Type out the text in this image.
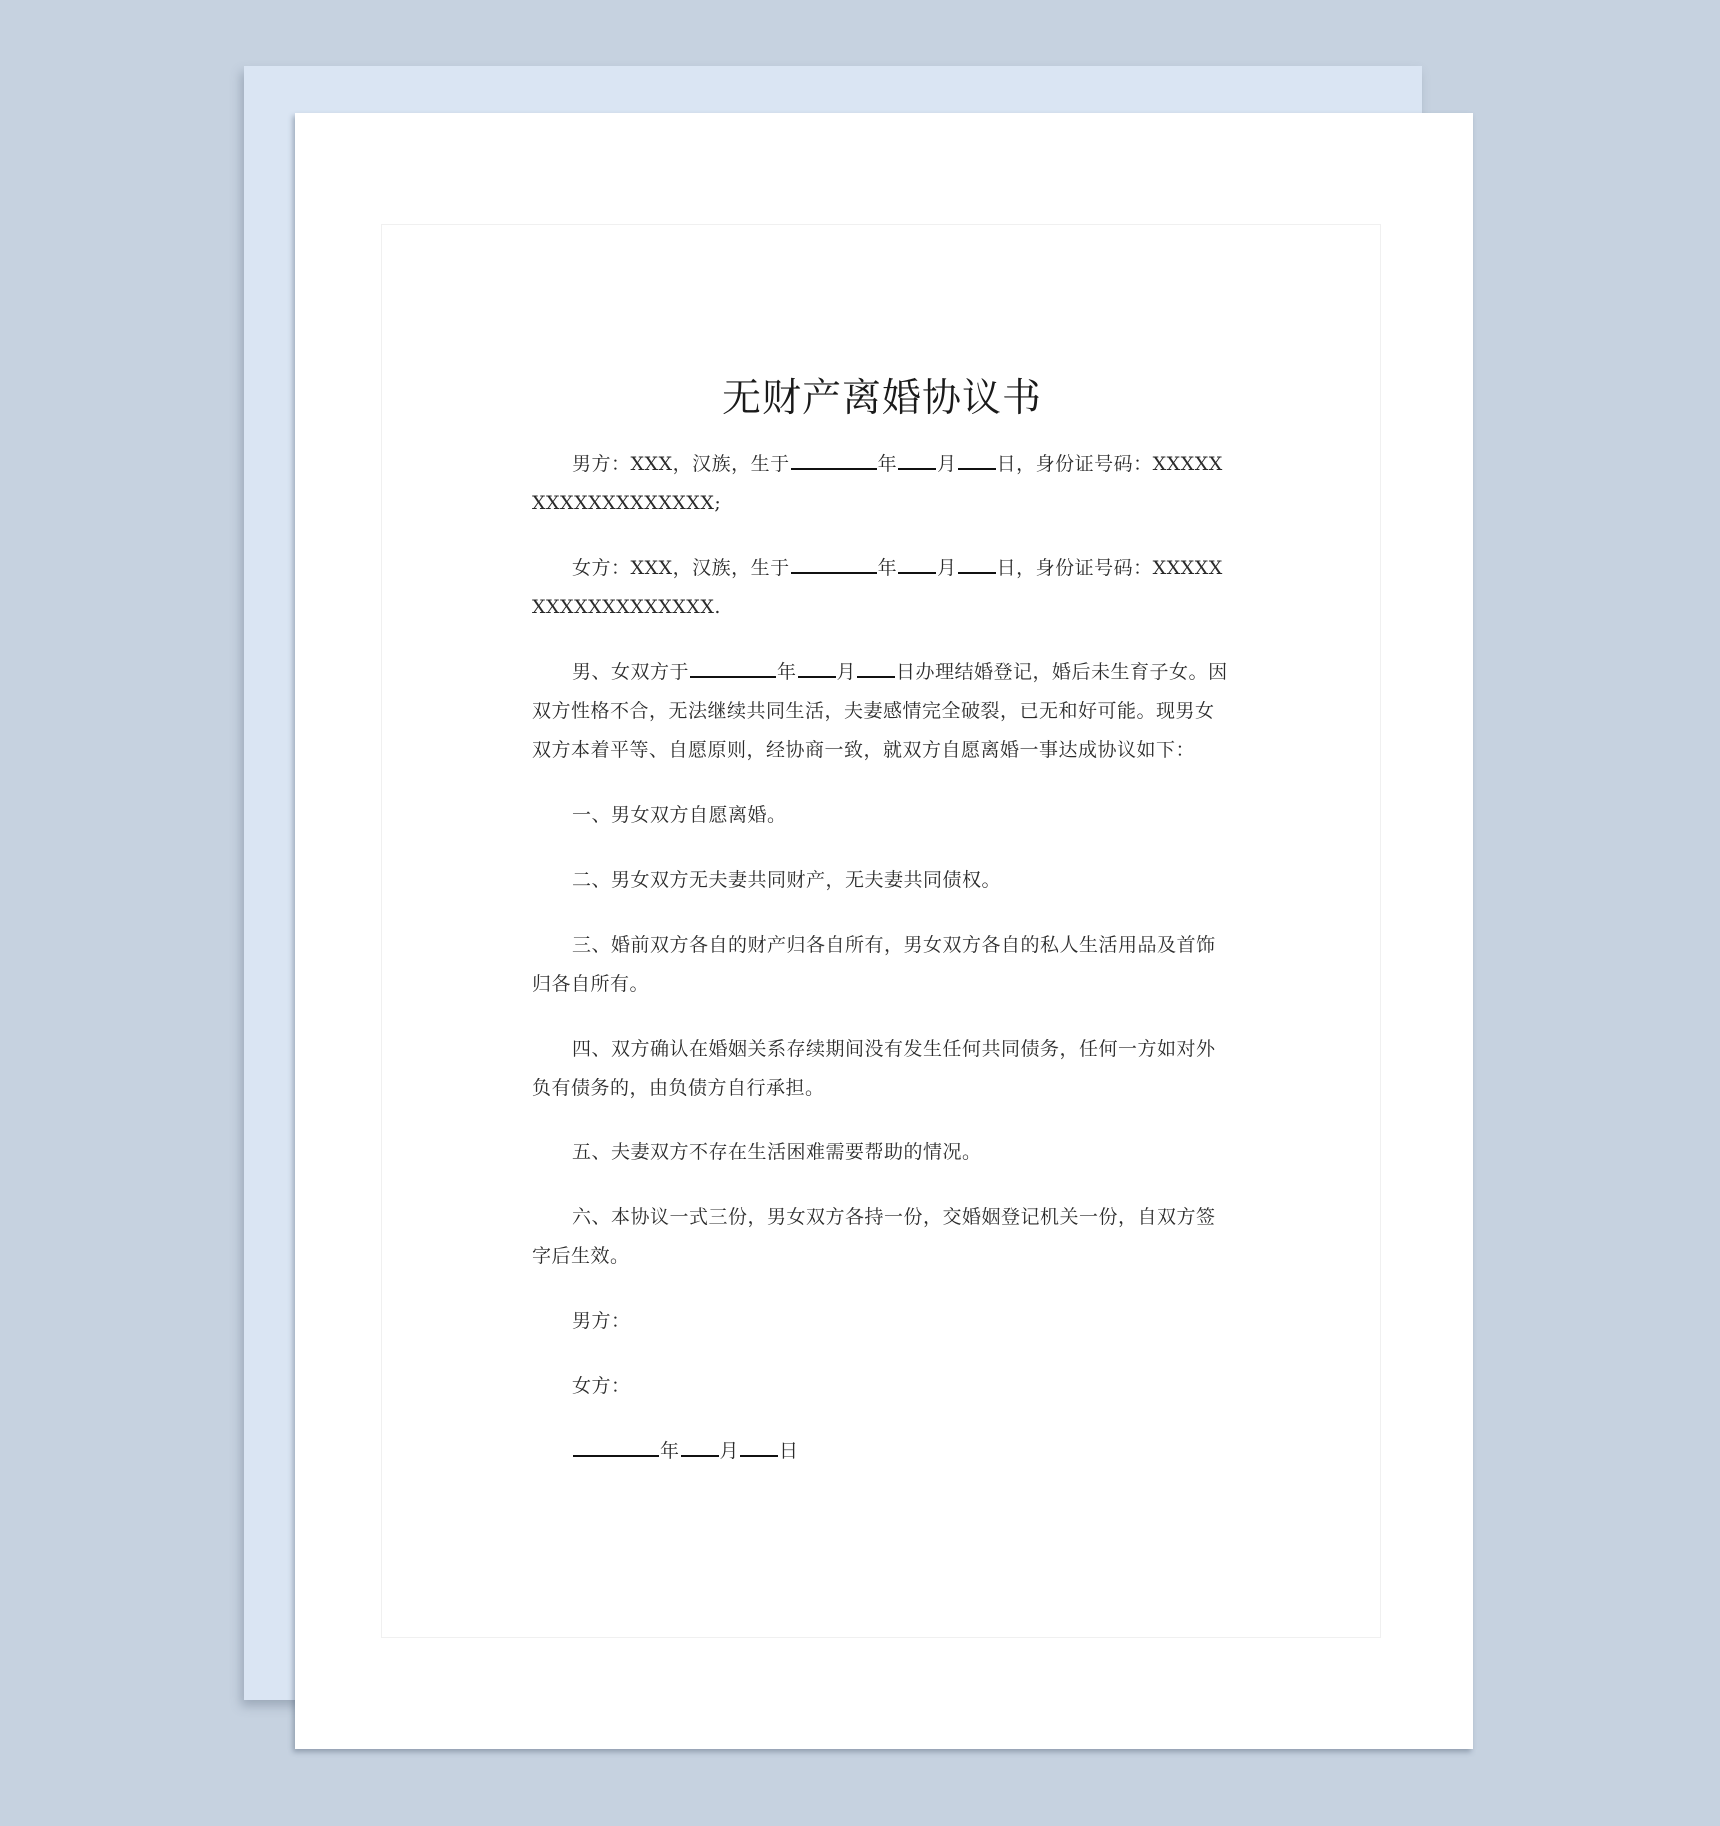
无财产离婚协议书
男方：XXX，汉族，生于	年 月 日，身份证号码：XXXXX
XXXXXXXXXXXXX;
女方：XXX，汉族，生于	年 月 日，身份证号码：XXXXX
XXXXXXXXXXXXX.
男、女双方于	年 月 日办理结婚登记，婚后未生育子女。因双方性格不合，无法继续共同生活，夫妻感情完全破裂，已无和好可能。现男女双方本着平等、自愿原则，经协商一致，就双方自愿离婚一事达成协议如下：
一、男女双方自愿离婚。
二、男女双方无夫妻共同财产，无夫妻共同债权。
三、婚前双方各自的财产归各自所有，男女双方各自的私人生活用品及首饰归各自所有。
四、双方确认在婚姻关系存续期间没有发生任何共同债务，任何一方如对外负有债务的，由负债方自行承担。
五、夫妻双方不存在生活困难需要帮助的情况。
六、本协议一式三份，男女双方各持一份，交婚姻登记机关一份，自双方签字后生效。
男方：
女方：
年 月 日
